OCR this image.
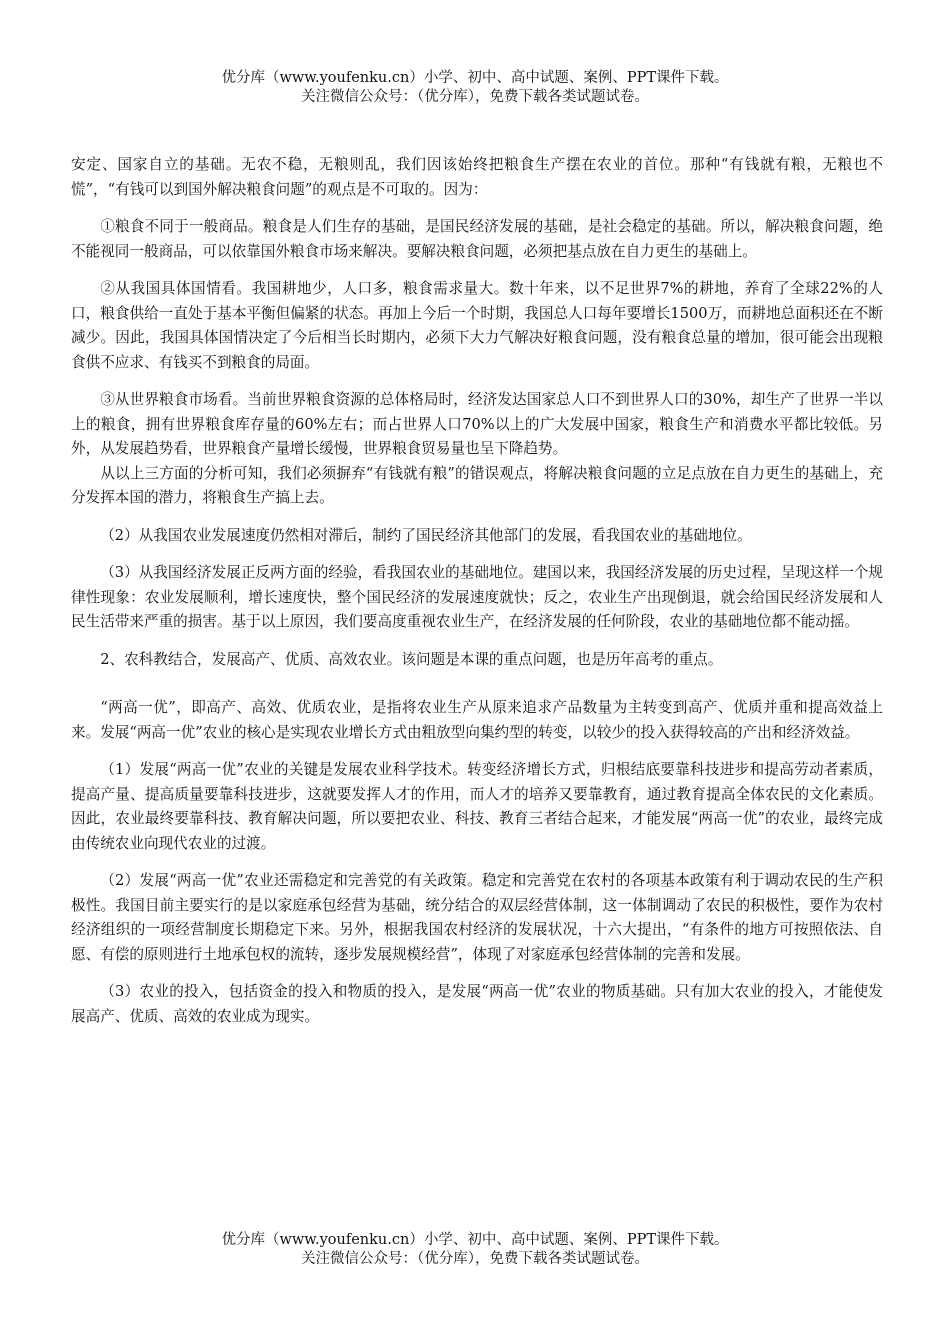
优分库（www.youfenku.cn）小学、初中、高中试题、案例、PPT课件下载。
关注微信公众号：（优分库），免费下载各类试题试卷。

安定、国家自立的基础。无农不稳，无粮则乱，我们因该始终把粮食生产摆在农业的首位。那种“有钱就有粮，无粮也不慌”，“有钱可以到国外解决粮食问题”的观点是不可取的。因为：

①粮食不同于一般商品。粮食是人们生存的基础，是国民经济发展的基础，是社会稳定的基础。所以，解决粮食问题，绝不能视同一般商品，可以依靠国外粮食市场来解决。要解决粮食问题，必须把基点放在自力更生的基础上。

②从我国具体国情看。我国耕地少，人口多，粮食需求量大。数十年来，以不足世界7%的耕地，养育了全球22%的人口，粮食供给一直处于基本平衡但偏紧的状态。再加上今后一个时期，我国总人口每年要增长1500万，而耕地总面积还在不断减少。因此，我国具体国情决定了今后相当长时期内，必须下大力气解决好粮食问题，没有粮食总量的增加，很可能会出现粮食供不应求、有钱买不到粮食的局面。

③从世界粮食市场看。当前世界粮食资源的总体格局时，经济发达国家总人口不到世界人口的30%，却生产了世界一半以上的粮食，拥有世界粮食库存量的60%左右；而占世界人口70%以上的广大发展中国家，粮食生产和消费水平都比较低。另外，从发展趋势看，世界粮食产量增长缓慢，世界粮食贸易量也呈下降趋势。

从以上三方面的分析可知，我们必须摒弃“有钱就有粮”的错误观点，将解决粮食问题的立足点放在自力更生的基础上，充分发挥本国的潜力，将粮食生产搞上去。

（2）从我国农业发展速度仍然相对滞后，制约了国民经济其他部门的发展，看我国农业的基础地位。

（3）从我国经济发展正反两方面的经验，看我国农业的基础地位。建国以来，我国经济发展的历史过程，呈现这样一个规律性现象：农业发展顺利，增长速度快，整个国民经济的发展速度就快；反之，农业生产出现倒退，就会给国民经济发展和人民生活带来严重的损害。基于以上原因，我们要高度重视农业生产，在经济发展的任何阶段，农业的基础地位都不能动摇。

2、农科教结合，发展高产、优质、高效农业。该问题是本课的重点问题，也是历年高考的重点。

“两高一优”，即高产、高效、优质农业，是指将农业生产从原来追求产品数量为主转变到高产、优质并重和提高效益上来。发展“两高一优”农业的核心是实现农业增长方式由粗放型向集约型的转变，以较少的投入获得较高的产出和经济效益。

（1）发展“两高一优”农业的关键是发展农业科学技术。转变经济增长方式，归根结底要靠科技进步和提高劳动者素质，提高产量、提高质量要靠科技进步，这就要发挥人才的作用，而人才的培养又要靠教育，通过教育提高全体农民的文化素质。因此，农业最终要靠科技、教育解决问题，所以要把农业、科技、教育三者结合起来，才能发展“两高一优”的农业，最终完成由传统农业向现代农业的过渡。

（2）发展“两高一优”农业还需稳定和完善党的有关政策。稳定和完善党在农村的各项基本政策有利于调动农民的生产积极性。我国目前主要实行的是以家庭承包经营为基础，统分结合的双层经营体制，这一体制调动了农民的积极性，要作为农村经济组织的一项经营制度长期稳定下来。另外，根据我国农村经济的发展状况，十六大提出，“有条件的地方可按照依法、自愿、有偿的原则进行土地承包权的流转，逐步发展规模经营”，体现了对家庭承包经营体制的完善和发展。

（3）农业的投入，包括资金的投入和物质的投入，是发展“两高一优”农业的物质基础。只有加大农业的投入，才能使发展高产、优质、高效的农业成为现实。

优分库（www.youfenku.cn）小学、初中、高中试题、案例、PPT课件下载。
关注微信公众号：（优分库），免费下载各类试题试卷。
